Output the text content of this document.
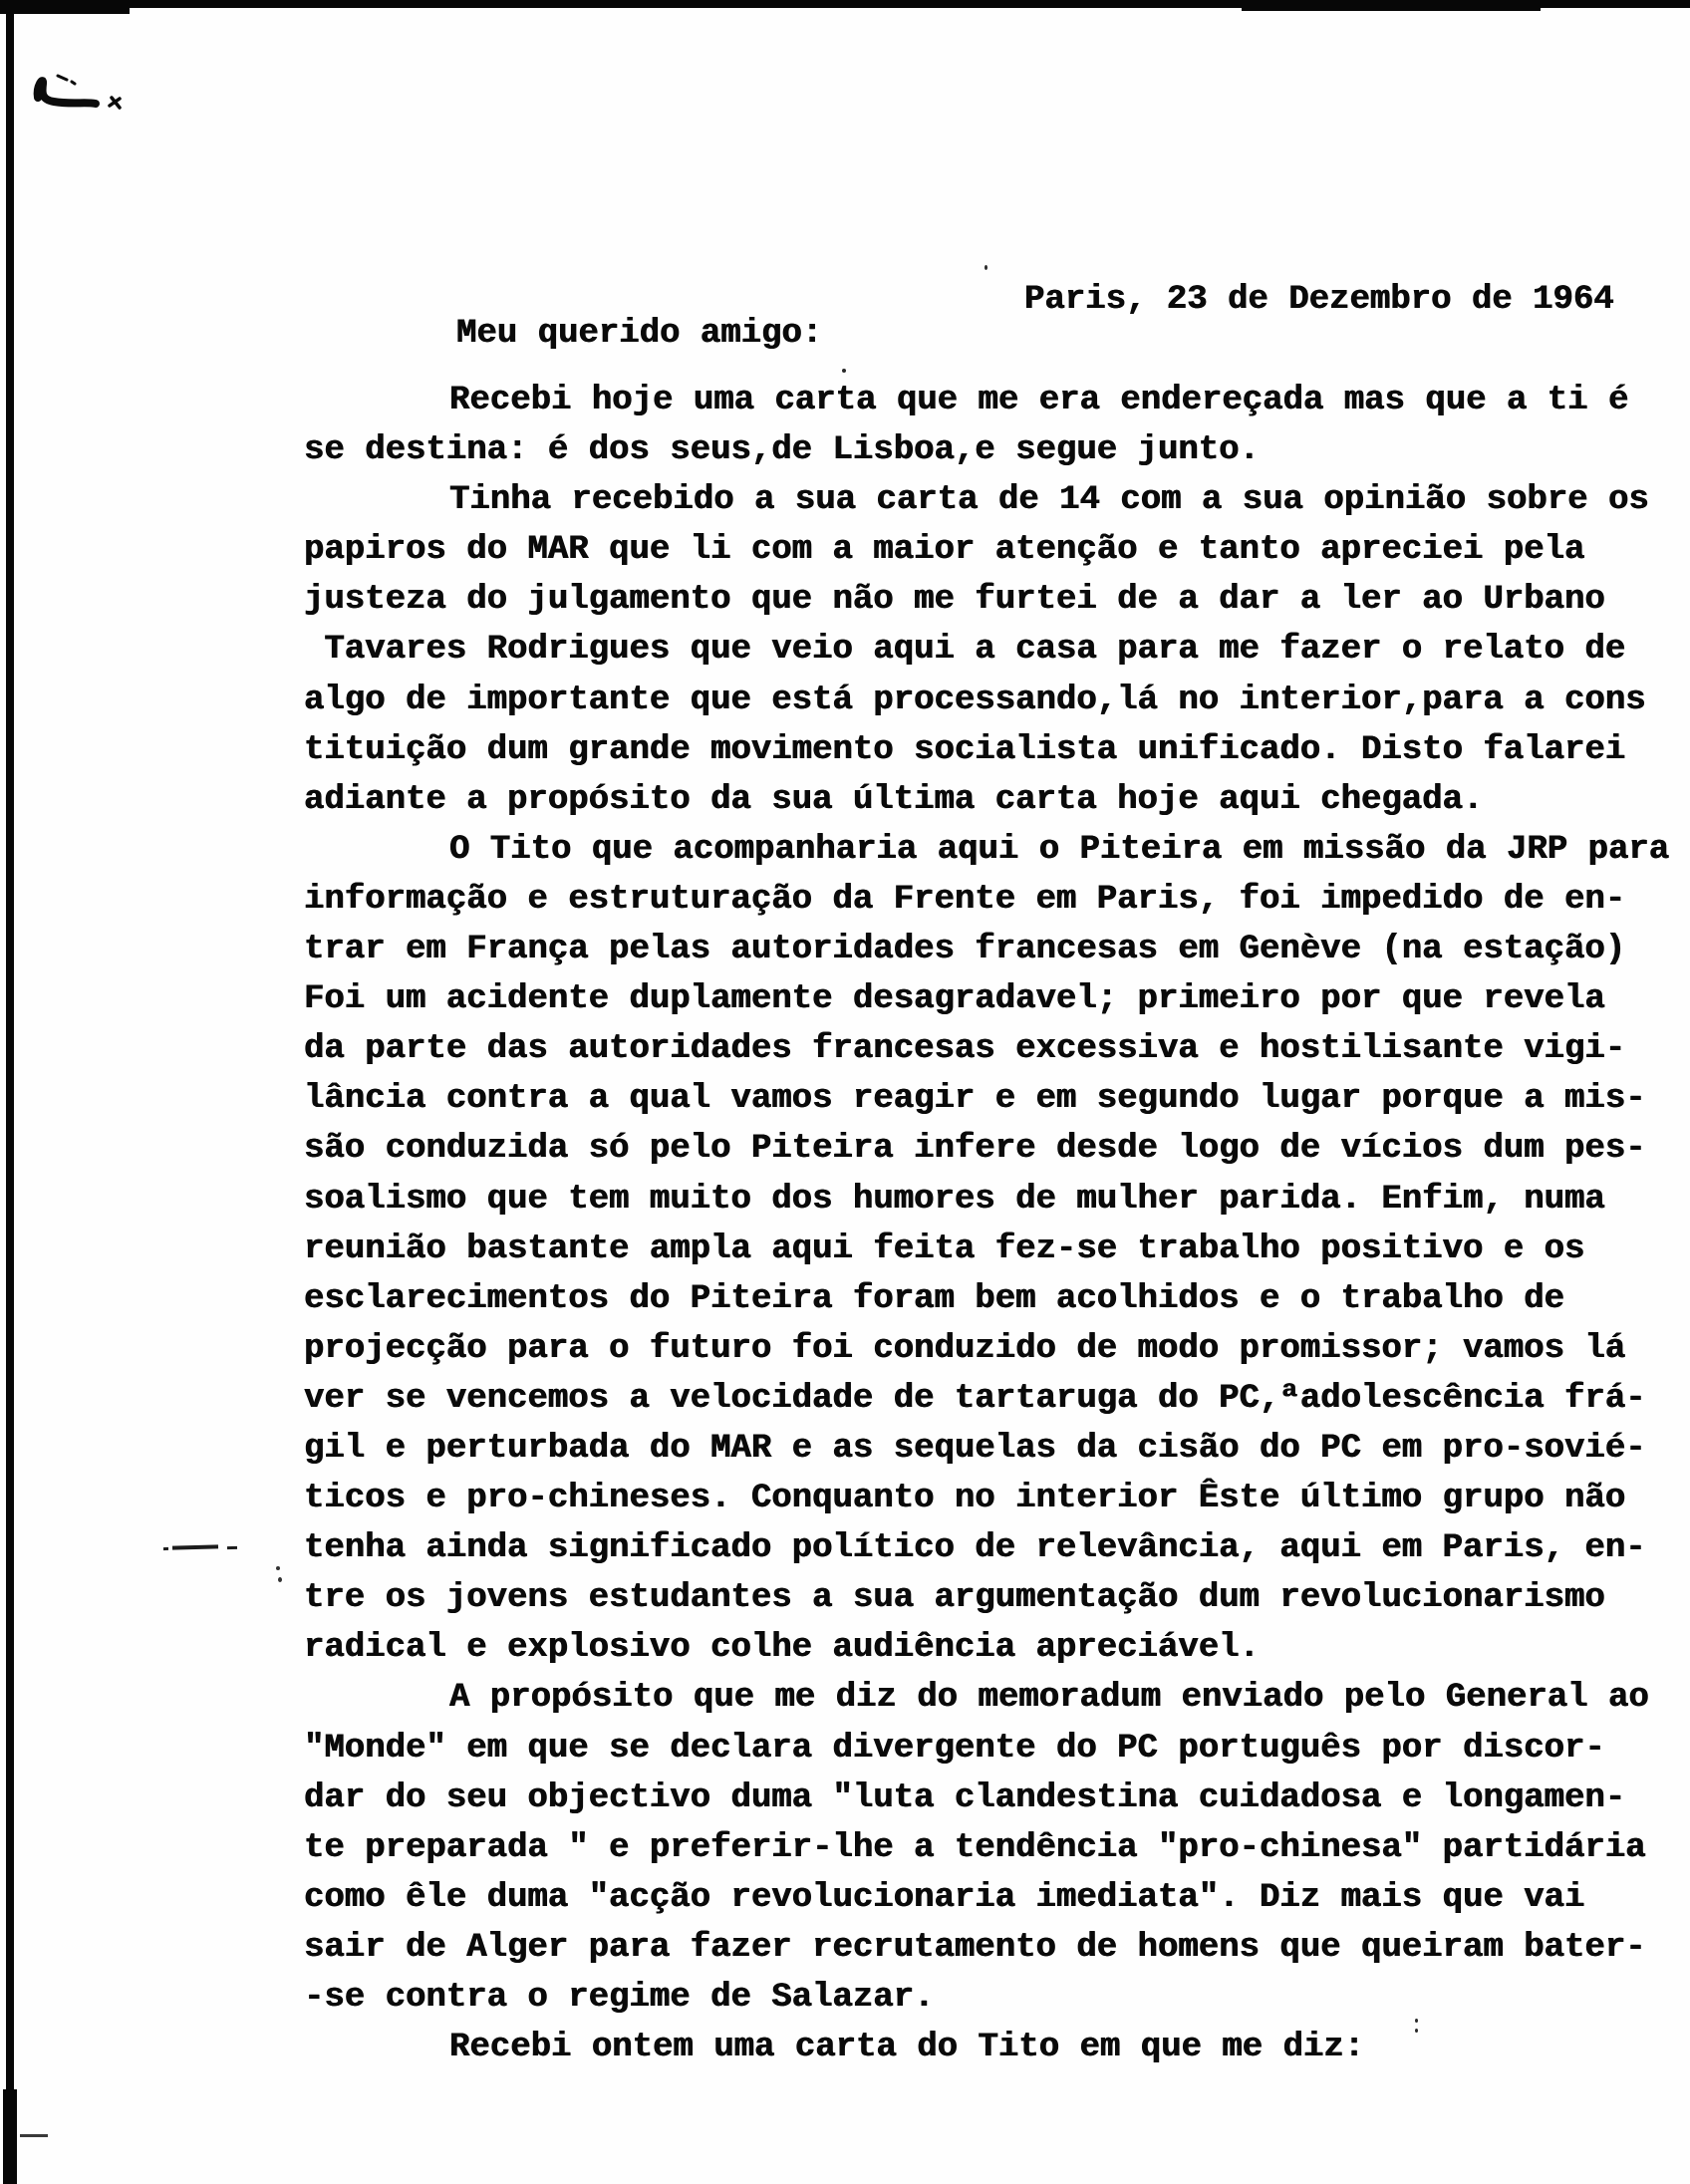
Paris, 23 de Dezembro de 1964
Meu querido amigo:
Recebi hoje uma carta que me era endereçada mas que a ti é
se destina: é dos seus,de Lisboa,e segue junto.
Tinha recebido a sua carta de 14 com a sua opinião sobre os
papiros do MAR que li com a maior atenção e tanto apreciei pela
justeza do julgamento que não me furtei de a dar a ler ao Urbano
Tavares Rodrigues que veio aqui a casa para me fazer o relato de
algo de importante que está processando,lá no interior,para a cons
tituição dum grande movimento socialista unificado. Disto falarei
adiante a propósito da sua última carta hoje aqui chegada.
O Tito que acompanharia aqui o Piteira em missão da JRP para
informação e estruturação da Frente em Paris, foi impedido de en-
trar em França pelas autoridades francesas em Genève (na estação)
Foi um acidente duplamente desagradavel; primeiro por que revela
da parte das autoridades francesas excessiva e hostilisante vigi-
lância contra a qual vamos reagir e em segundo lugar porque a mis-
são conduzida só pelo Piteira infere desde logo de vícios dum pes-
soalismo que tem muito dos humores de mulher parida. Enfim, numa
reunião bastante ampla aqui feita fez-se trabalho positivo e os
esclarecimentos do Piteira foram bem acolhidos e o trabalho de
projecção para o futuro foi conduzido de modo promissor; vamos lá
ver se vencemos a velocidade de tartaruga do PC,ªadolescência frá-
gil e perturbada do MAR e as sequelas da cisão do PC em pro-sovié-
ticos e pro-chineses. Conquanto no interior Êste último grupo não
tenha ainda significado político de relevância, aqui em Paris, en-
tre os jovens estudantes a sua argumentação dum revolucionarismo
radical e explosivo colhe audiência apreciável.
A propósito que me diz do memoradum enviado pelo General ao
"Monde" em que se declara divergente do PC português por discor-
dar do seu objectivo duma "luta clandestina cuidadosa e longamen-
te preparada " e preferir-lhe a tendência "pro-chinesa" partidária
como êle duma "acção revolucionaria imediata". Diz mais que vai
sair de Alger para fazer recrutamento de homens que queiram bater-
-se contra o regime de Salazar.
Recebi ontem uma carta do Tito em que me diz:
